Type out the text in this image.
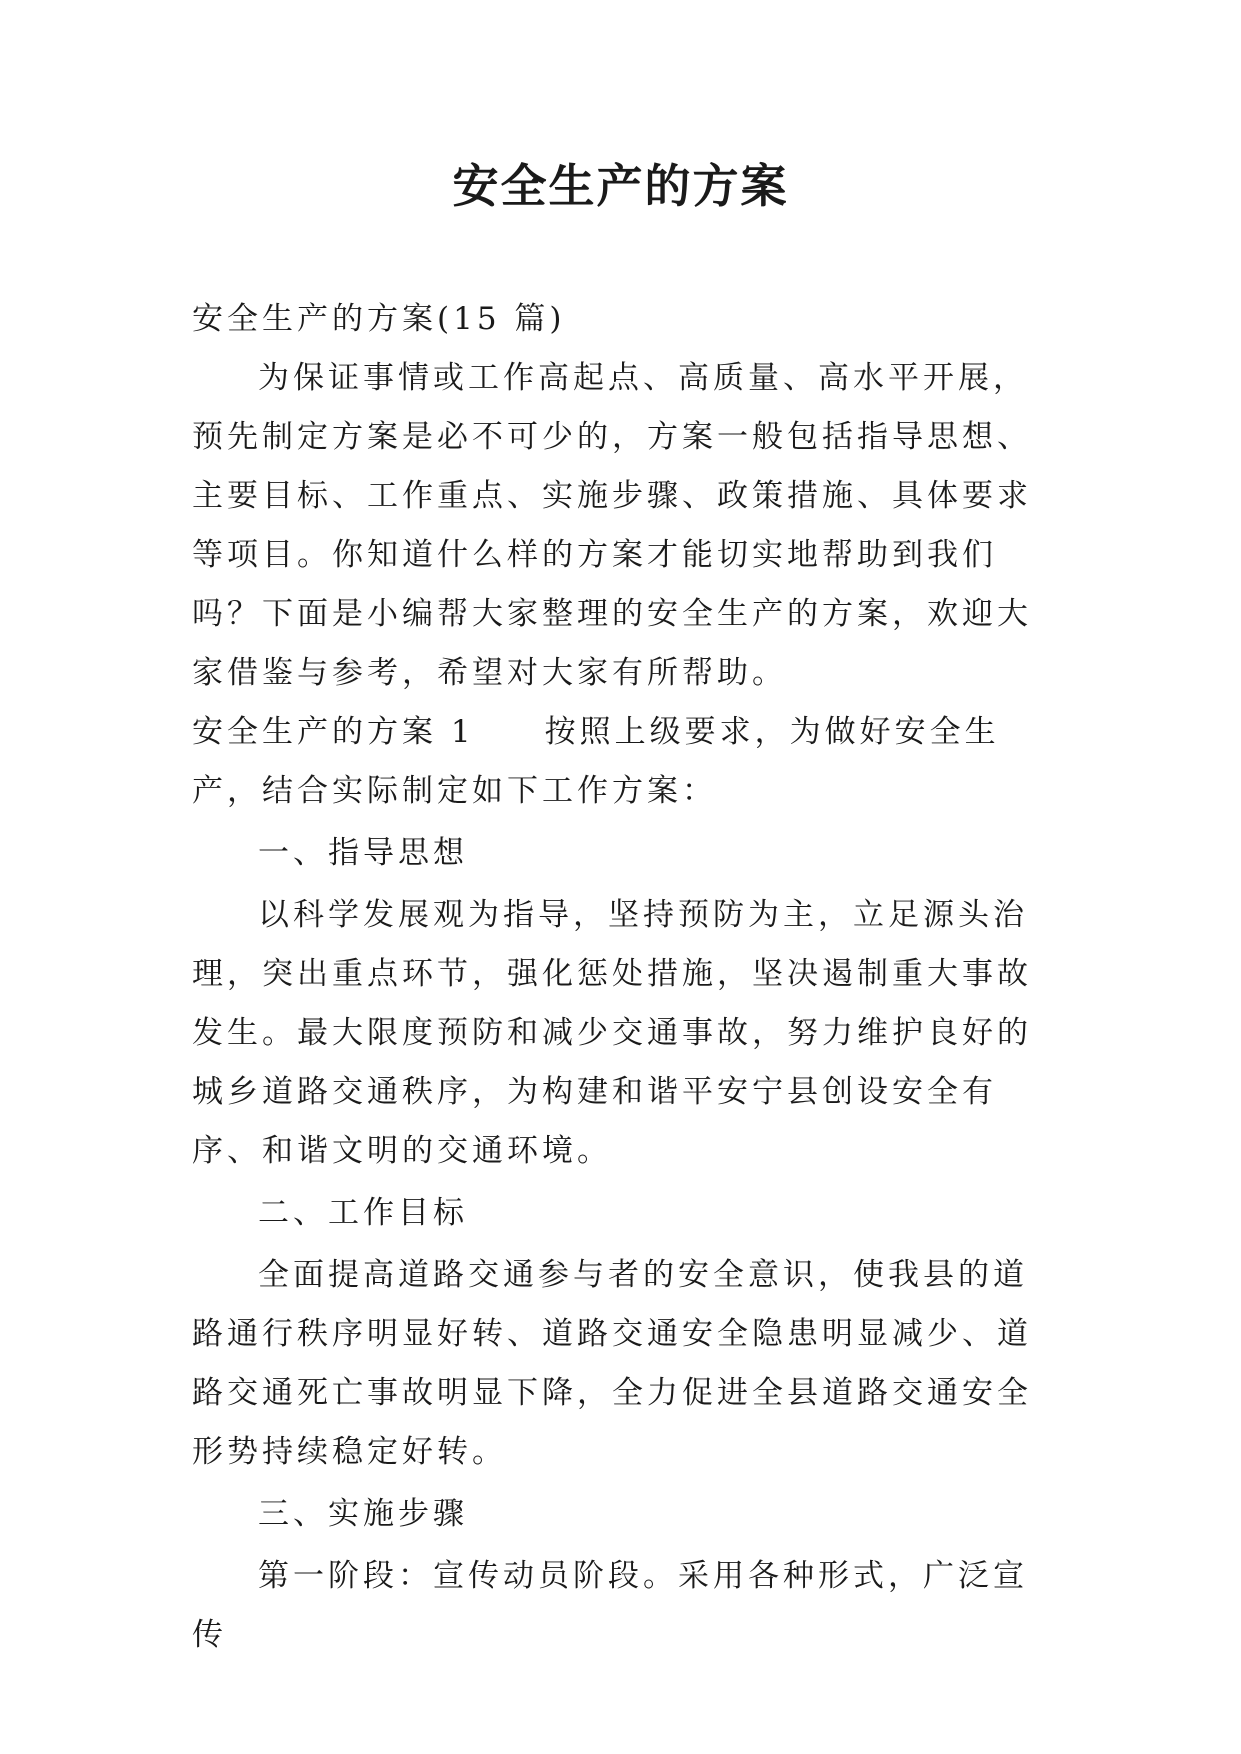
安全生产的方案

安全生产的方案(15 篇)

为保证事情或工作高起点、高质量、高水平开展，预先制定方案是必不可少的，方案一般包括指导思想、主要目标、工作重点、实施步骤、政策措施、具体要求等项目。你知道什么样的方案才能切实地帮助到我们吗？下面是小编帮大家整理的安全生产的方案，欢迎大家借鉴与参考，希望对大家有所帮助。

安全生产的方案 1　　按照上级要求，为做好安全生产，结合实际制定如下工作方案：

一、指导思想

以科学发展观为指导，坚持预防为主，立足源头治理，突出重点环节，强化惩处措施，坚决遏制重大事故发生。最大限度预防和减少交通事故，努力维护良好的城乡道路交通秩序，为构建和谐平安宁县创设安全有序、和谐文明的交通环境。

二、工作目标

全面提高道路交通参与者的安全意识，使我县的道路通行秩序明显好转、道路交通安全隐患明显减少、道路交通死亡事故明显下降，全力促进全县道路交通安全形势持续稳定好转。

三、实施步骤

第一阶段：宣传动员阶段。采用各种形式，广泛宣传
